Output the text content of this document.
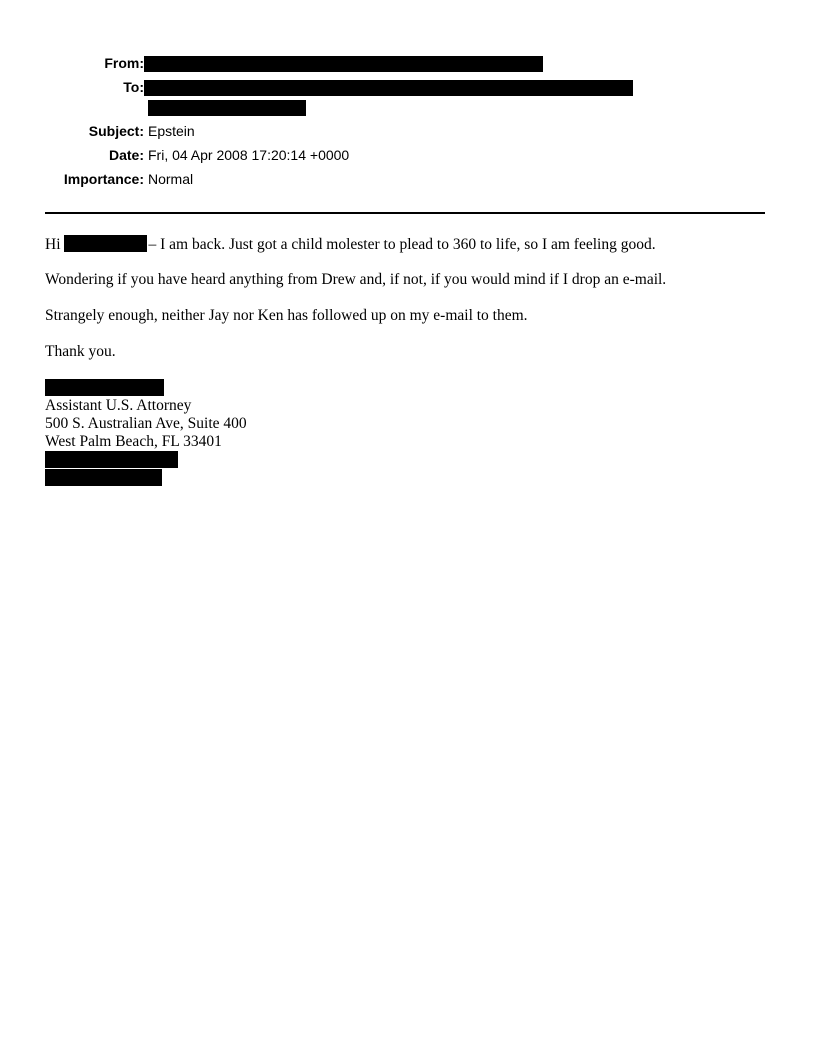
From:
To:
Subject: Epstein
Date: Fri, 04 Apr 2008 17:20:14 +0000
Importance: Normal
Hi	– I am back. Just got a child molester to plead to 360 to life, so I am feeling good.
Wondering if you have heard anything from Drew and, if not, if you would mind if I drop an e-mail.
Strangely enough, neither Jay nor Ken has followed up on my e-mail to them.
Thank you.
Assistant U.S. Attorney
500 S. Australian Ave, Suite 400
West Palm Beach, FL 33401
